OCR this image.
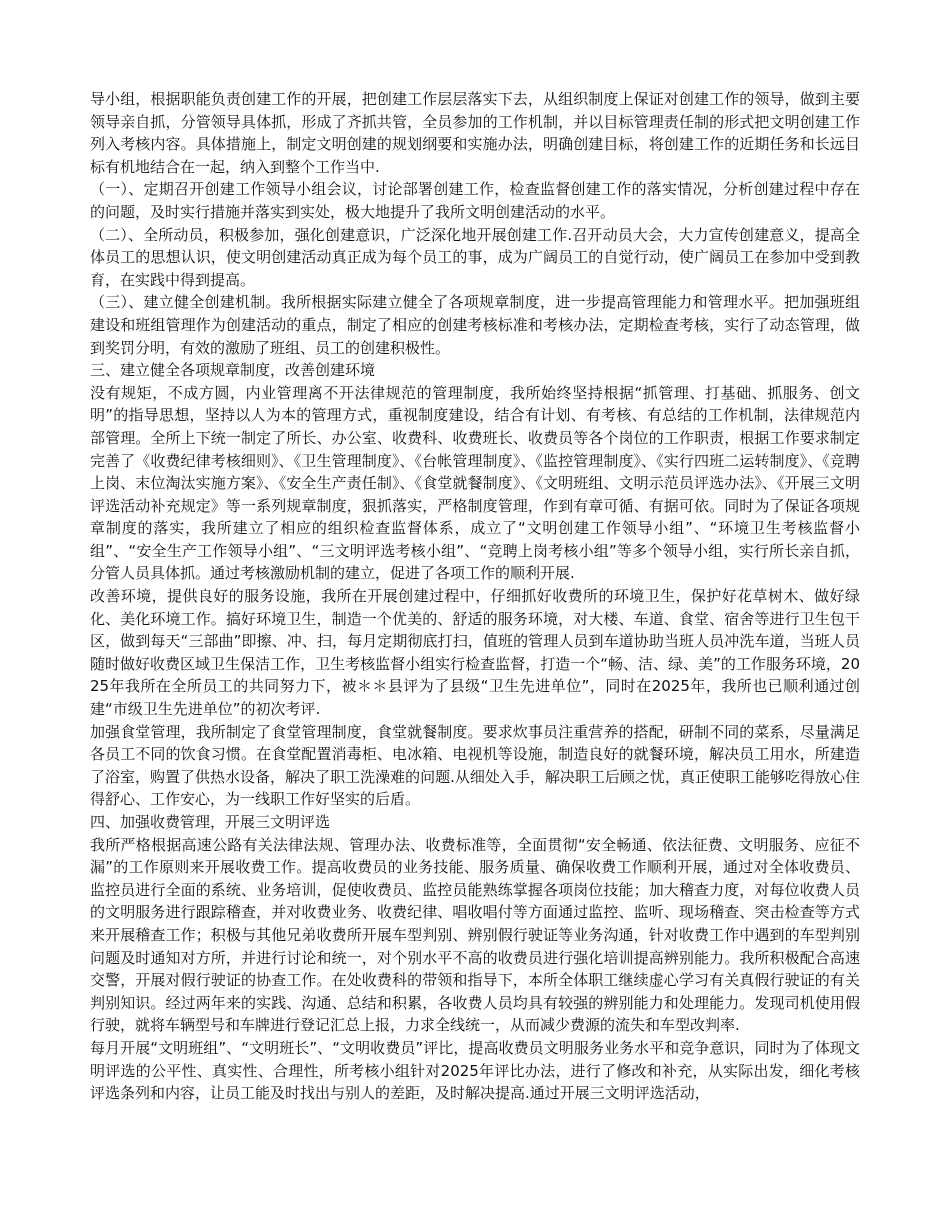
导小组，根据职能负责创建工作的开展，把创建工作层层落实下去，从组织制度上保证对创建工作的领导，做到主要领导亲自抓，分管领导具体抓，形成了齐抓共管，全员参加的工作机制，并以目标管理责任制的形式把文明创建工作列入考核内容。具体措施上，制定文明创建的规划纲要和实施办法，明确创建目标，将创建工作的近期任务和长远目标有机地结合在一起，纳入到整个工作当中.

（一）、定期召开创建工作领导小组会议，讨论部署创建工作，检查监督创建工作的落实情况，分析创建过程中存在的问题，及时实行措施并落实到实处，极大地提升了我所文明创建活动的水平。

（二）、全所动员，积极参加，强化创建意识，广泛深化地开展创建工作.召开动员大会，大力宣传创建意义，提高全体员工的思想认识，使文明创建活动真正成为每个员工的事，成为广阔员工的自觉行动，使广阔员工在参加中受到教育，在实践中得到提高。

（三）、建立健全创建机制。我所根据实际建立健全了各项规章制度，进一步提高管理能力和管理水平。把加强班组建设和班组管理作为创建活动的重点，制定了相应的创建考核标准和考核办法，定期检查考核，实行了动态管理，做到奖罚分明，有效的激励了班组、员工的创建积极性。

三、建立健全各项规章制度，改善创建环境

没有规矩，不成方圆，内业管理离不开法律规范的管理制度，我所始终坚持根据“抓管理、打基础、抓服务、创文明”的指导思想，坚持以人为本的管理方式，重视制度建设，结合有计划、有考核、有总结的工作机制，法律规范内部管理。全所上下统一制定了所长、办公室、收费科、收费班长、收费员等各个岗位的工作职责，根据工作要求制定完善了《收费纪律考核细则》、《卫生管理制度》、《台帐管理制度》、《监控管理制度》、《实行四班二运转制度》、《竞聘上岗、末位淘汰实施方案》、《安全生产责任制》、《食堂就餐制度》、《文明班组、文明示范员评选办法》、《开展三文明评选活动补充规定》等一系列规章制度，狠抓落实，严格制度管理，作到有章可循、有据可依。同时为了保证各项规章制度的落实，我所建立了相应的组织检查监督体系，成立了“文明创建工作领导小组”、“环境卫生考核监督小组”、“安全生产工作领导小组”、“三文明评选考核小组”、“竞聘上岗考核小组”等多个领导小组，实行所长亲自抓，分管人员具体抓。通过考核激励机制的建立，促进了各项工作的顺利开展.

改善环境，提供良好的服务设施，我所在开展创建过程中，仔细抓好收费所的环境卫生，保护好花草树木、做好绿化、美化环境工作。搞好环境卫生，制造一个优美的、舒适的服务环境，对大楼、车道、食堂、宿舍等进行卫生包干区，做到每天“三部曲”即擦、冲、扫，每月定期彻底打扫，值班的管理人员到车道协助当班人员冲洗车道，当班人员随时做好收费区域卫生保洁工作，卫生考核监督小组实行检查监督，打造一个“畅、洁、绿、美”的工作服务环境，2025年我所在全所员工的共同努力下，被＊＊县评为了县级“卫生先进单位”，同时在2025年，我所也已顺利通过创建“市级卫生先进单位”的初次考评.

加强食堂管理，我所制定了食堂管理制度，食堂就餐制度。要求炊事员注重营养的搭配，研制不同的菜系，尽量满足各员工不同的饮食习惯。在食堂配置消毒柜、电冰箱、电视机等设施，制造良好的就餐环境，解决员工用水，所建造了浴室，购置了供热水设备，解决了职工洗澡难的问题.从细处入手，解决职工后顾之忧，真正使职工能够吃得放心住得舒心、工作安心，为一线职工作好坚实的后盾。

四、加强收费管理，开展三文明评选

我所严格根据高速公路有关法律法规、管理办法、收费标准等，全面贯彻“安全畅通、依法征费、文明服务、应征不漏”的工作原则来开展收费工作。提高收费员的业务技能、服务质量、确保收费工作顺利开展，通过对全体收费员、监控员进行全面的系统、业务培训，促使收费员、监控员能熟练掌握各项岗位技能；加大稽查力度，对每位收费人员的文明服务进行跟踪稽查，并对收费业务、收费纪律、唱收唱付等方面通过监控、监听、现场稽查、突击检查等方式来开展稽查工作；积极与其他兄弟收费所开展车型判别、辨别假行驶证等业务沟通，针对收费工作中遇到的车型判别问题及时通知对方所，并进行讨论和统一，对个别水平不高的收费员进行强化培训提高辨别能力。我所积极配合高速交警，开展对假行驶证的协查工作。在处收费科的带领和指导下，本所全体职工继续虚心学习有关真假行驶证的有关判别知识。经过两年来的实践、沟通、总结和积累，各收费人员均具有较强的辨别能力和处理能力。发现司机使用假行驶，就将车辆型号和车牌进行登记汇总上报，力求全线统一，从而减少费源的流失和车型改判率.

每月开展“文明班组”、“文明班长”、“文明收费员”评比，提高收费员文明服务业务水平和竞争意识，同时为了体现文明评选的公平性、真实性、合理性，所考核小组针对2025年评比办法，进行了修改和补充，从实际出发，细化考核评选条列和内容，让员工能及时找出与别人的差距，及时解决提高.通过开展三文明评选活动，
